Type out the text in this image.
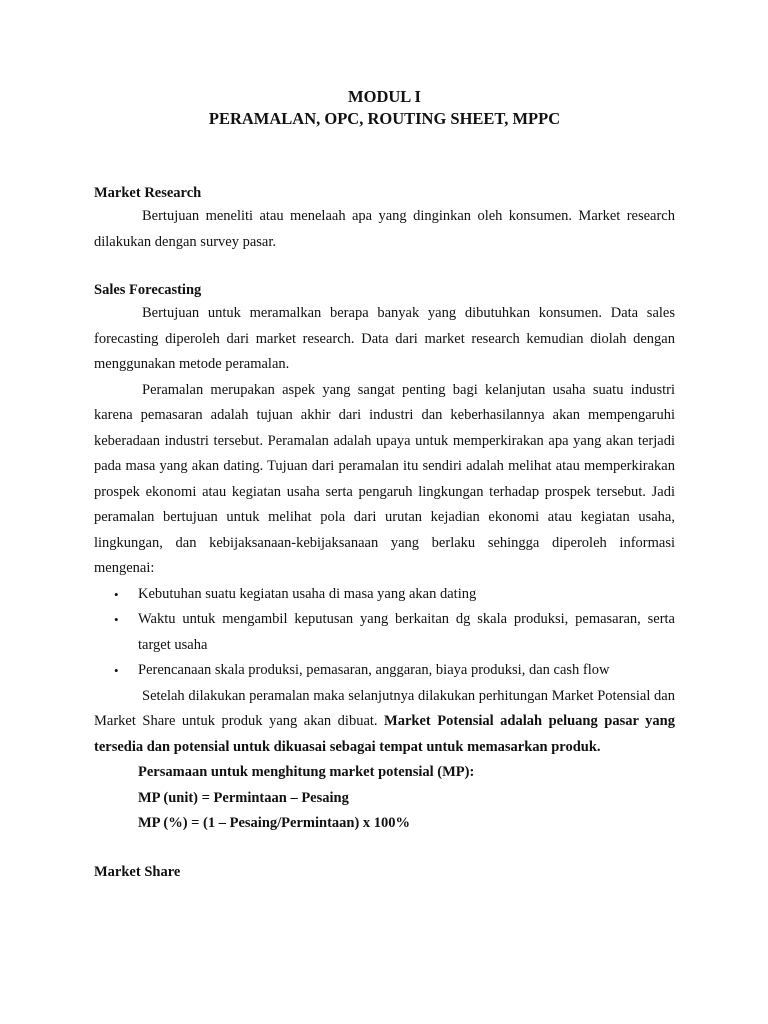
MODUL I

PERAMALAN, OPC, ROUTING SHEET, MPPC

Market Research

Bertujuan meneliti atau menelaah apa yang dinginkan oleh konsumen. Market research dilakukan dengan survey pasar.

Sales Forecasting

Bertujuan untuk meramalkan berapa banyak yang dibutuhkan konsumen. Data sales forecasting diperoleh dari market research. Data dari market research kemudian diolah dengan menggunakan metode peramalan.

Peramalan merupakan aspek yang sangat penting bagi kelanjutan usaha suatu industri karena pemasaran adalah tujuan akhir dari industri dan keberhasilannya akan mempengaruhi keberadaan industri tersebut. Peramalan adalah upaya untuk memperkirakan apa yang akan terjadi pada masa yang akan dating. Tujuan dari peramalan itu sendiri adalah melihat atau memperkirakan prospek ekonomi atau kegiatan usaha serta pengaruh lingkungan terhadap prospek tersebut. Jadi peramalan bertujuan untuk melihat pola dari urutan kejadian ekonomi atau kegiatan usaha, lingkungan, dan kebijaksanaan-kebijaksanaan yang berlaku sehingga diperoleh informasi mengenai:

• Kebutuhan suatu kegiatan usaha di masa yang akan dating
• Waktu untuk mengambil keputusan yang berkaitan dg skala produksi, pemasaran, serta target usaha
• Perencanaan skala produksi, pemasaran, anggaran, biaya produksi, dan cash flow

Setelah dilakukan peramalan maka selanjutnya dilakukan perhitungan Market Potensial dan Market Share untuk produk yang akan dibuat. Market Potensial adalah peluang pasar yang tersedia dan potensial untuk dikuasai sebagai tempat untuk memasarkan produk.

Persamaan untuk menghitung market potensial (MP):

MP (unit) = Permintaan – Pesaing

MP (%) = (1 – Pesaing/Permintaan) x 100%

Market Share
